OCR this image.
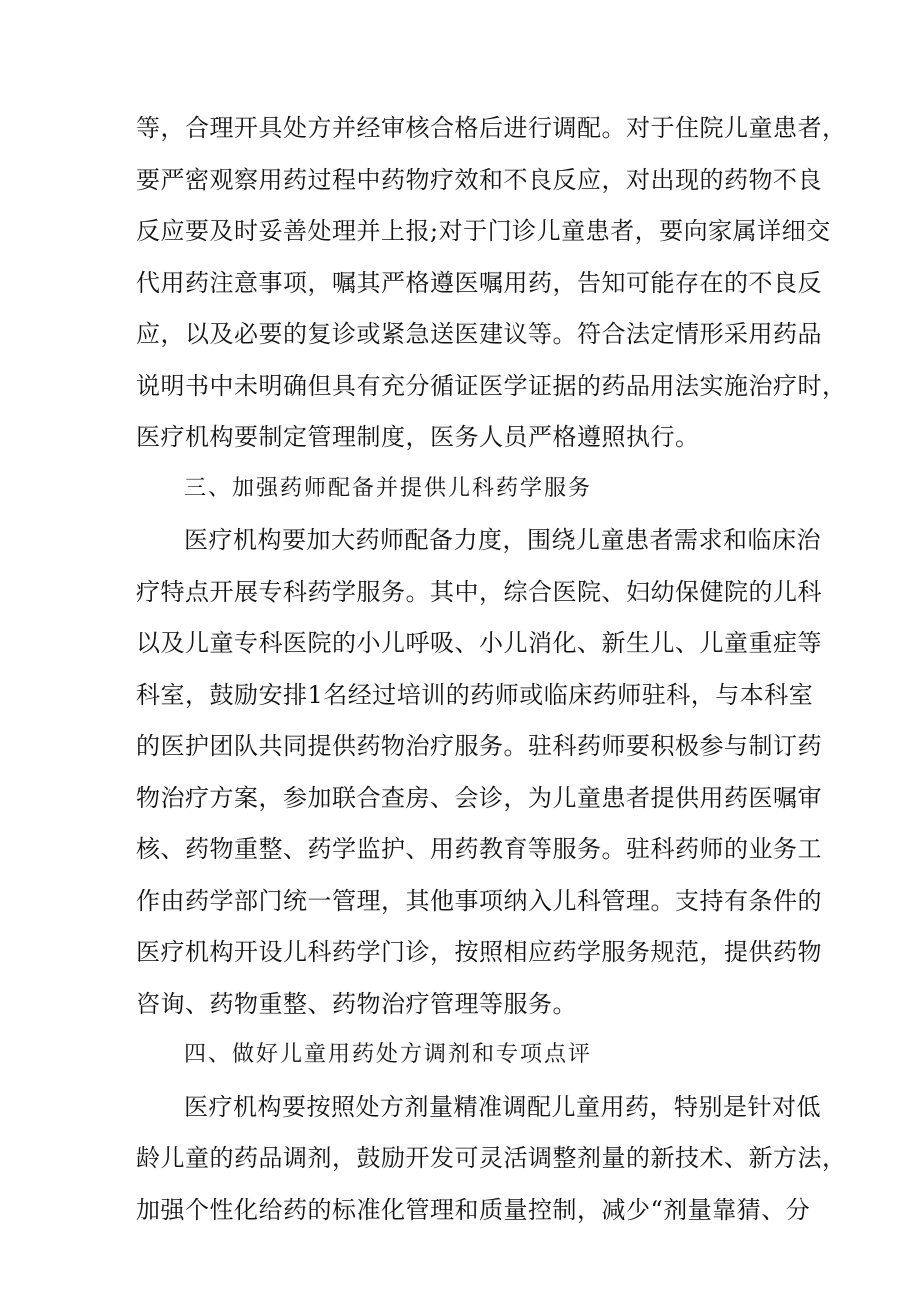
等，合理开具处方并经审核合格后进行调配。对于住院儿童患者，
要严密观察用药过程中药物疗效和不良反应，对出现的药物不良
反应要及时妥善处理并上报;对于门诊儿童患者，要向家属详细交
代用药注意事项，嘱其严格遵医嘱用药，告知可能存在的不良反
应，以及必要的复诊或紧急送医建议等。符合法定情形采用药品
说明书中未明确但具有充分循证医学证据的药品用法实施治疗时，
医疗机构要制定管理制度，医务人员严格遵照执行。
三、加强药师配备并提供儿科药学服务
医疗机构要加大药师配备力度，围绕儿童患者需求和临床治
疗特点开展专科药学服务。其中，综合医院、妇幼保健院的儿科
以及儿童专科医院的小儿呼吸、小儿消化、新生儿、儿童重症等
科室，鼓励安排1名经过培训的药师或临床药师驻科，与本科室
的医护团队共同提供药物治疗服务。驻科药师要积极参与制订药
物治疗方案，参加联合查房、会诊，为儿童患者提供用药医嘱审
核、药物重整、药学监护、用药教育等服务。驻科药师的业务工
作由药学部门统一管理，其他事项纳入儿科管理。支持有条件的
医疗机构开设儿科药学门诊，按照相应药学服务规范，提供药物
咨询、药物重整、药物治疗管理等服务。
四、做好儿童用药处方调剂和专项点评
医疗机构要按照处方剂量精准调配儿童用药，特别是针对低
龄儿童的药品调剂，鼓励开发可灵活调整剂量的新技术、新方法，
加强个性化给药的标准化管理和质量控制，减少“剂量靠猜、分
